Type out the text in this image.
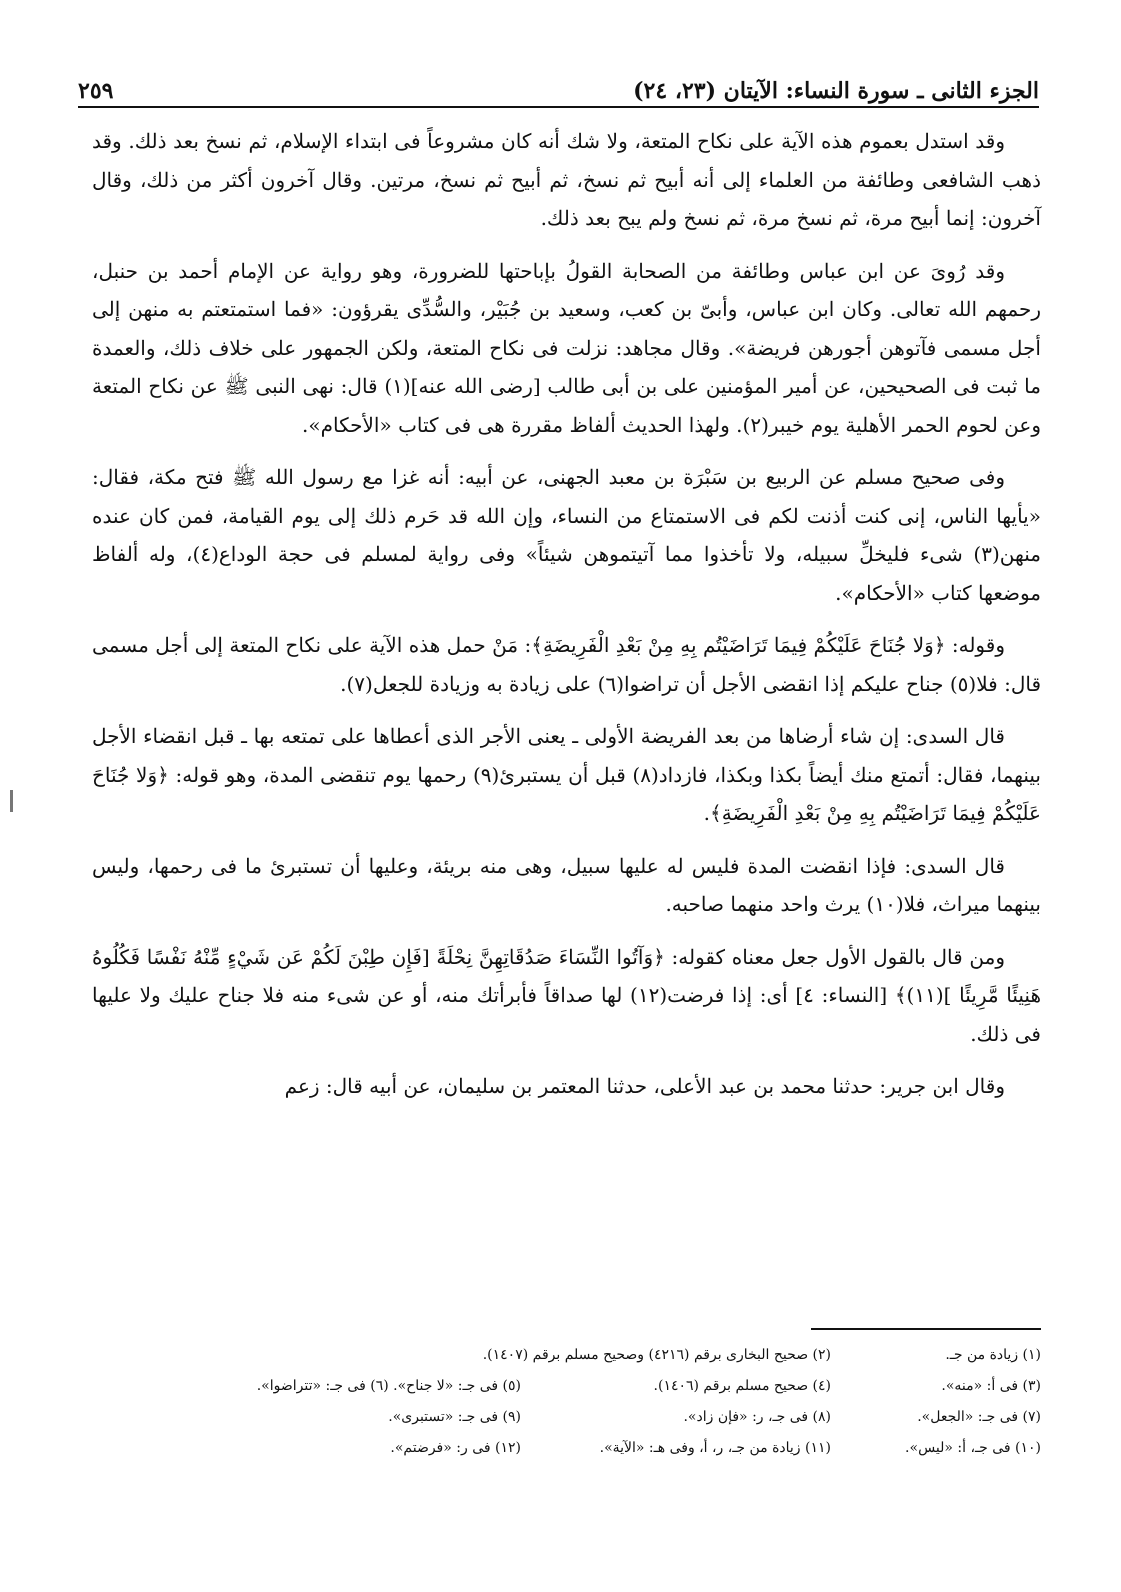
الجزء الثانى ـ سورة النساء: الآيتان (٢٣، ٢٤)
٢٥٩

وقد استدل بعموم هذه الآية على نكاح المتعة، ولا شك أنه كان مشروعاً فى ابتداء الإسلام، ثم نسخ بعد ذلك. وقد ذهب الشافعى وطائفة من العلماء إلى أنه أبيح ثم نسخ، ثم أبيح ثم نسخ، مرتين. وقال آخرون أكثر من ذلك، وقال آخرون: إنما أبيح مرة، ثم نسخ مرة، ثم نسخ ولم يبح بعد ذلك.

وقد رُوىَ عن ابن عباس وطائفة من الصحابة القولُ بإباحتها للضرورة، وهو رواية عن الإمام أحمد بن حنبل، رحمهم الله تعالى. وكان ابن عباس، وأبىّ بن كعب، وسعيد بن جُبَيْر، والسُّدِّى يقرؤون: «فما استمتعتم به منهن إلى أجل مسمى فآتوهن أجورهن فريضة». وقال مجاهد: نزلت فى نكاح المتعة، ولكن الجمهور على خلاف ذلك، والعمدة ما ثبت فى الصحيحين، عن أمير المؤمنين على بن أبى طالب [رضى الله عنه](١) قال: نهى النبى ﷺ عن نكاح المتعة وعن لحوم الحمر الأهلية يوم خيبر(٢). ولهذا الحديث ألفاظ مقررة هى فى كتاب «الأحكام».

وفى صحيح مسلم عن الربيع بن سَبْرَة بن معبد الجهنى، عن أبيه: أنه غزا مع رسول الله ﷺ فتح مكة، فقال: «يأيها الناس، إنى كنت أذنت لكم فى الاستمتاع من النساء، وإن الله قد حَرم ذلك إلى يوم القيامة، فمن كان عنده منهن(٣) شىء فليخلِّ سبيله، ولا تأخذوا مما آتيتموهن شيئاً» وفى رواية لمسلم فى حجة الوداع(٤)، وله ألفاظ موضعها كتاب «الأحكام».

وقوله: ﴿وَلا جُنَاحَ عَلَيْكُمْ فِيمَا تَرَاضَيْتُم بِهِ مِنْ بَعْدِ الْفَرِيضَةِ﴾: مَنْ حمل هذه الآية على نكاح المتعة إلى أجل مسمى قال: فلا(٥) جناح عليكم إذا انقضى الأجل أن تراضوا(٦) على زيادة به وزيادة للجعل(٧).

قال السدى: إن شاء أرضاها من بعد الفريضة الأولى ـ يعنى الأجر الذى أعطاها على تمتعه بها ـ قبل انقضاء الأجل بينهما، فقال: أتمتع منك أيضاً بكذا وبكذا، فازداد(٨) قبل أن يستبرئ(٩) رحمها يوم تنقضى المدة، وهو قوله: ﴿وَلا جُنَاحَ عَلَيْكُمْ فِيمَا تَرَاضَيْتُم بِهِ مِنْ بَعْدِ الْفَرِيضَةِ﴾.

قال السدى: فإذا انقضت المدة فليس له عليها سبيل، وهى منه بريئة، وعليها أن تستبرئ ما فى رحمها، وليس بينهما ميراث، فلا(١٠) يرث واحد منهما صاحبه.

ومن قال بالقول الأول جعل معناه كقوله: ﴿وَآتُوا النِّسَاءَ صَدُقَاتِهِنَّ نِحْلَةً [فَإِن طِبْنَ لَكُمْ عَن شَيْءٍ مِّنْهُ نَفْسًا فَكُلُوهُ هَنِيئًا مَّرِيئًا ](١١)﴾ [النساء: ٤] أى: إذا فرضت(١٢) لها صداقاً فأبرأتك منه، أو عن شىء منه فلا جناح عليك ولا عليها فى ذلك.

وقال ابن جرير: حدثنا محمد بن عبد الأعلى، حدثنا المعتمر بن سليمان، عن أبيه قال: زعم

(١) زيادة من جـ.
(٢) صحيح البخارى برقم (٤٢١٦) وصحيح مسلم برقم (١٤٠٧).
(٣) فى أ: «منه».
(٤) صحيح مسلم برقم (١٤٠٦).
(٥) فى جـ: «لا جناح». (٦) فى جـ: «تتراضوا».
(٧) فى جـ: «الجعل».
(٨) فى جـ، ر: «فإن زاد».
(٩) فى جـ: «تستبرى».
(١٠) فى جـ، أ: «ليس».
(١١) زيادة من جـ، ر، أ، وفى هـ: «الآية».
(١٢) فى ر: «فرضتم».
